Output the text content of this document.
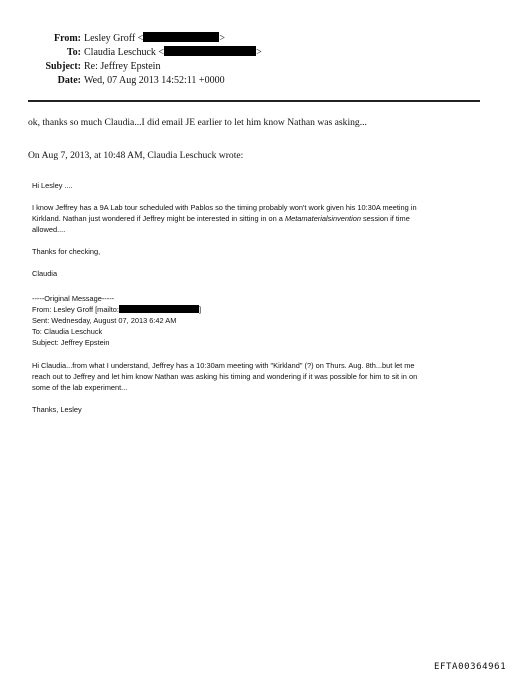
From: Lesley Groff <	>
To: Claudia Leschuck <	>
Subject: Re: Jeffrey Epstein
Date: Wed, 07 Aug 2013 14:52:11 +0000
ok, thanks so much Claudia...I did email JE earlier to let him know Nathan was asking...
On Aug 7, 2013, at 10:48 AM, Claudia Leschuck wrote:
Hi Lesley ....
I know Jeffrey has a 9A Lab tour scheduled with Pablos so the timing probably won't work given his 10:30A meeting in
Kirkland. Nathan just wondered if Jeffrey might be interested in sitting in on a Metamaterialsinvention session if time
allowed....
Thanks for checking,
Claudia
-----Original Message-----
From: Lesley Groff [mailto:	]
Sent: Wednesday, August 07, 2013 6:42 AM
To: Claudia Leschuck
Subject: Jeffrey Epstein
Hi Claudia...from what I understand, Jeffrey has a 10:30am meeting with "Kirkland" (?) on Thurs. Aug. 8th...but let me
reach out to Jeffrey and let him know Nathan was asking his timing and wondering if it was possible for him to sit in on
some of the lab experiment...
Thanks, Lesley
EFTA00364961
